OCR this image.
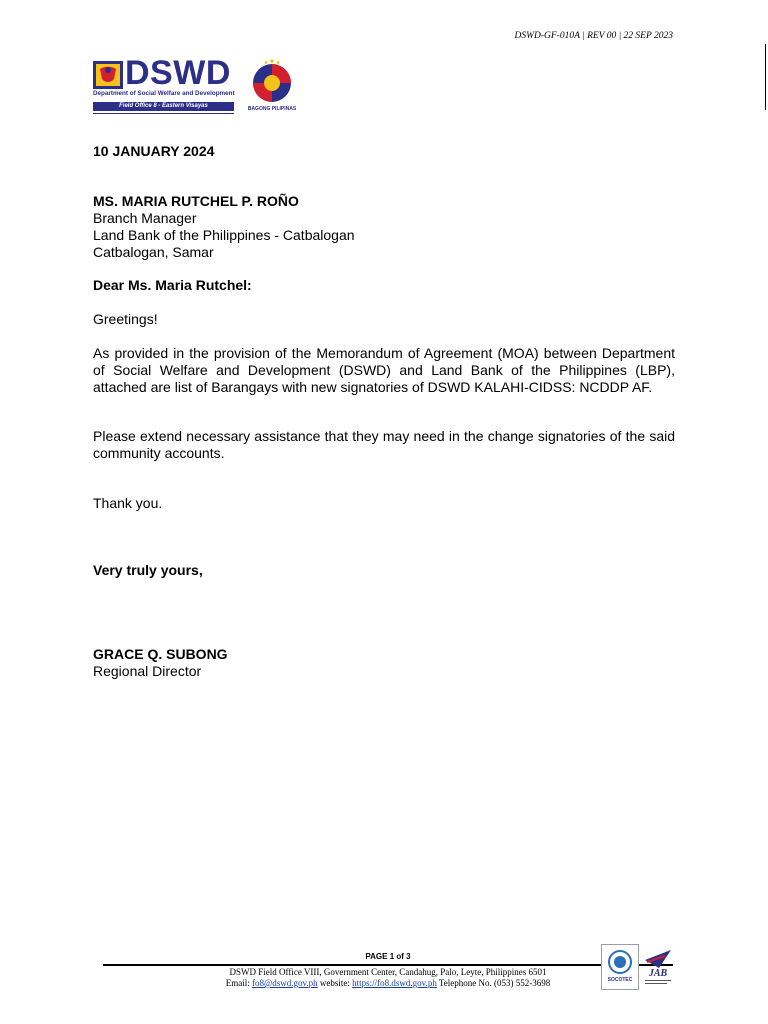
DSWD-GF-010A | REV 00 | 22 SEP 2023
DSWD
Department of Social Welfare and Development
Field Office 8 - Eastern Visayas	BAGONG PILIPINAS
10 JANUARY 2024
MS. MARIA RUTCHEL P. ROÑO
Branch Manager
Land Bank of the Philippines - Catbalogan
Catbalogan, Samar
Dear Ms. Maria Rutchel:
Greetings!
As provided in the provision of the Memorandum of Agreement (MOA) between Department of Social Welfare and Development (DSWD) and Land Bank of the Philippines (LBP), attached are list of Barangays with new signatories of DSWD KALAHI-CIDSS: NCDDP AF.
Please extend necessary assistance that they may need in the change signatories of the said community accounts.
Thank you.
Very truly yours,
GRACE Q. SUBONG
Regional Director
PAGE 1 of 3
DSWD Field Office VIII, Government Center, Candahug, Palo, Leyte, Philippines 6501
Email: fo8@dswd.gov.ph website: https://fo8.dswd.gov.ph Telephone No. (053) 552-3698	SOCOTEC
JAB
